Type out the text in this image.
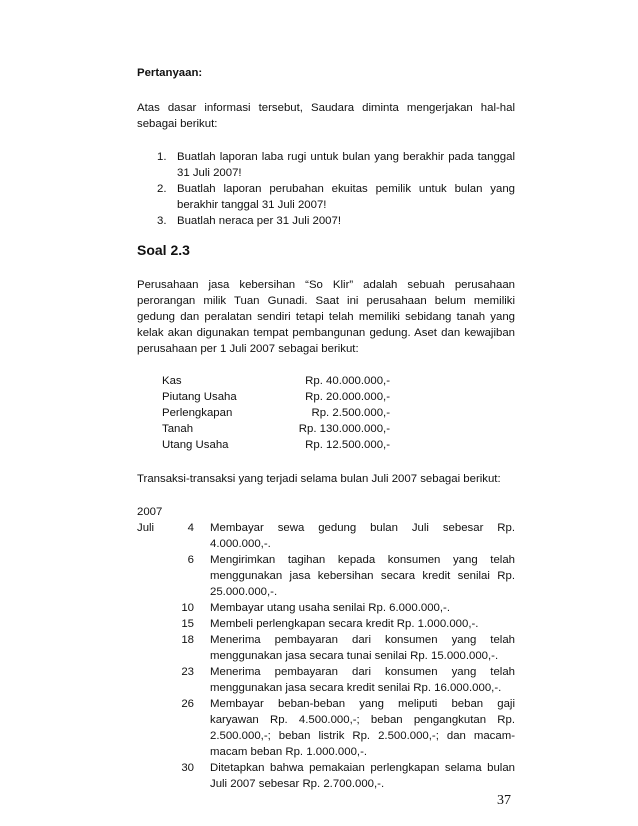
Pertanyaan:
Atas dasar informasi tersebut, Saudara diminta mengerjakan hal-hal
sebagai berikut:
1. Buatlah laporan laba rugi untuk bulan yang berakhir pada tanggal
31 Juli 2007!
2. Buatlah laporan perubahan ekuitas pemilik untuk bulan yang
berakhir tanggal 31 Juli 2007!
3. Buatlah neraca per 31 Juli 2007!
Soal 2.3
Perusahaan jasa kebersihan “So Klir” adalah sebuah perusahaan
perorangan milik Tuan Gunadi. Saat ini perusahaan belum memiliki
gedung dan peralatan sendiri tetapi telah memiliki sebidang tanah yang
kelak akan digunakan tempat pembangunan gedung. Aset dan kewajiban
perusahaan per 1 Juli 2007 sebagai berikut:
Kas	Rp. 40.000.000,-
Piutang Usaha	Rp. 20.000.000,-
Perlengkapan	Rp. 2.500.000,-
Tanah	Rp. 130.000.000,-
Utang Usaha	Rp. 12.500.000,-
Transaksi-transaksi yang terjadi selama bulan Juli 2007 sebagai berikut:
2007
Juli	4 Membayar sewa gedung bulan Juli sebesar Rp.
4.000.000,-.
6 Mengirimkan tagihan kepada konsumen yang telah
menggunakan jasa kebersihan secara kredit senilai Rp.
25.000.000,-.
10 Membayar utang usaha senilai Rp. 6.000.000,-.
15 Membeli perlengkapan secara kredit Rp. 1.000.000,-.
18 Menerima pembayaran dari konsumen yang telah
menggunakan jasa secara tunai senilai Rp. 15.000.000,-.
23 Menerima pembayaran dari konsumen yang telah
menggunakan jasa secara kredit senilai Rp. 16.000.000,-.
26 Membayar beban-beban yang meliputi beban gaji
karyawan Rp. 4.500.000,-; beban pengangkutan Rp.
2.500.000,-; beban listrik Rp. 2.500.000,-; dan macam-
macam beban Rp. 1.000.000,-.
30 Ditetapkan bahwa pemakaian perlengkapan selama bulan
Juli 2007 sebesar Rp. 2.700.000,-.
37
